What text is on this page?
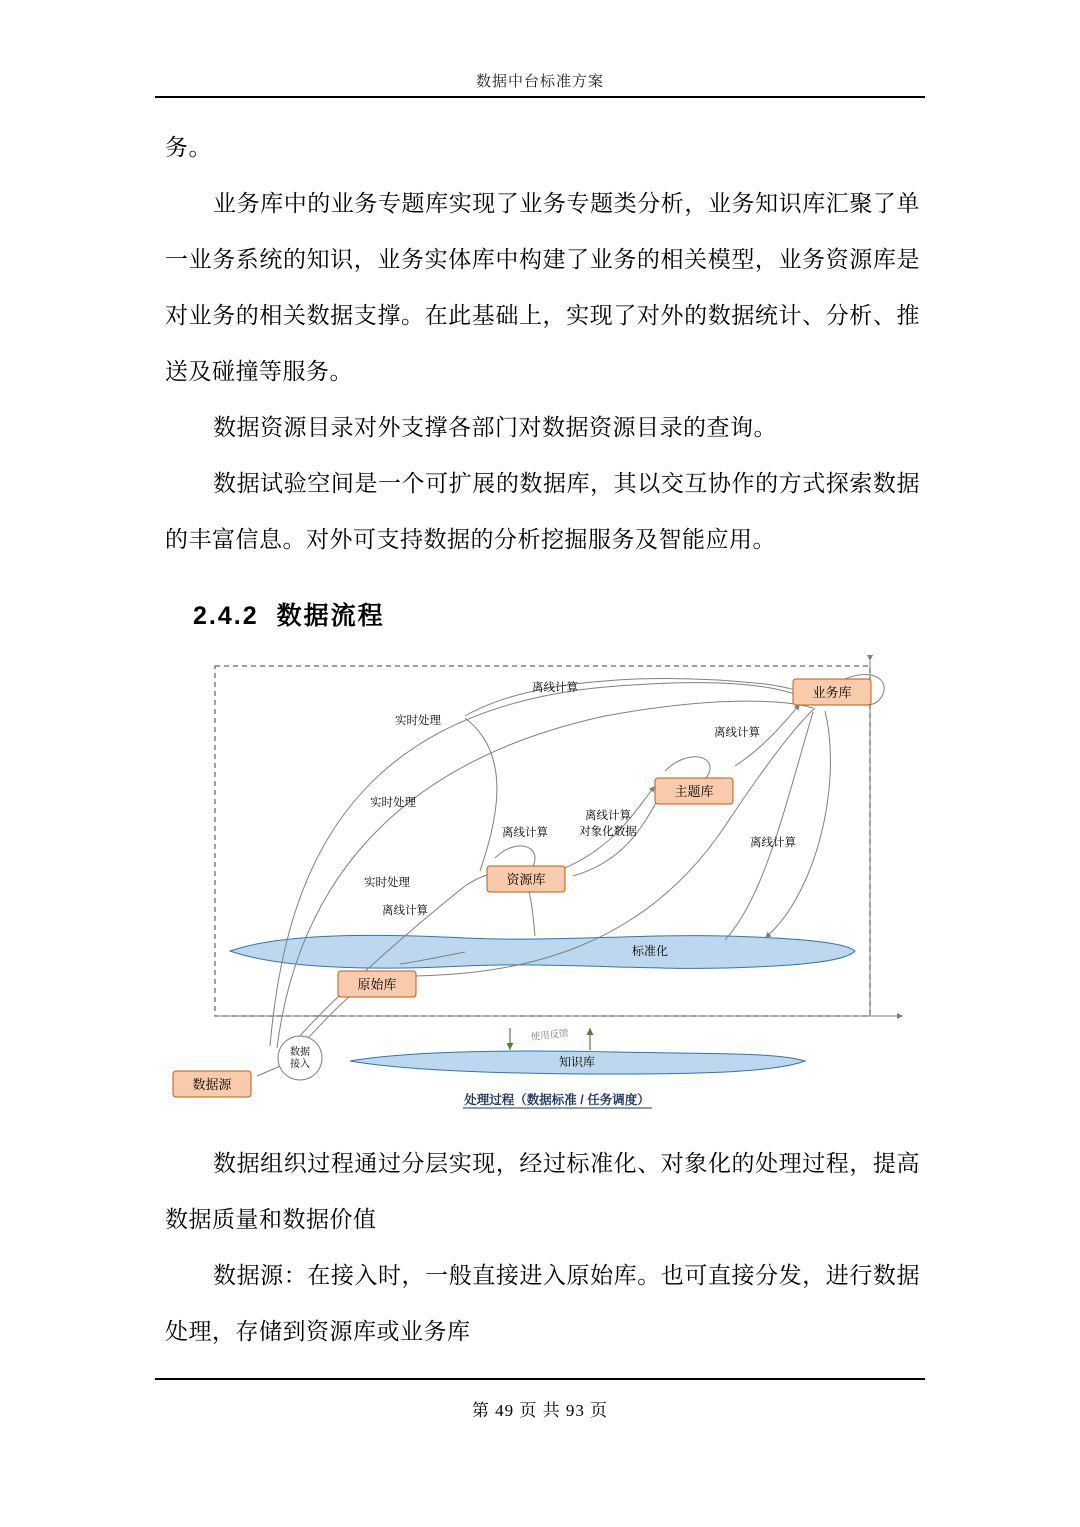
数据中台标准方案

务。

业务库中的业务专题库实现了业务专题类分析，业务知识库汇聚了单一业务系统的知识，业务实体库中构建了业务的相关模型，业务资源库是对业务的相关数据支撑。在此基础上，实现了对外的数据统计、分析、推送及碰撞等服务。

数据资源目录对外支撑各部门对数据资源目录的查询。

数据试验空间是一个可扩展的数据库，其以交互协作的方式探索数据的丰富信息。对外可支持数据的分析挖掘服务及智能应用。

2.4.2 数据流程
标准化
知识库
数据
接入
使用反馈
业务库
主题库
资源库
原始库
数据源
离线计算
实时处理
实时处理
实时处理
离线计算
离线计算
对象化数据
离线计算
离线计算
离线计算
处理过程（数据标准 / 任务调度）

数据组织过程通过分层实现，经过标准化、对象化的处理过程，提高数据质量和数据价值

数据源：在接入时，一般直接进入原始库。也可直接分发，进行数据处理，存储到资源库或业务库

第 49 页 共 93 页
